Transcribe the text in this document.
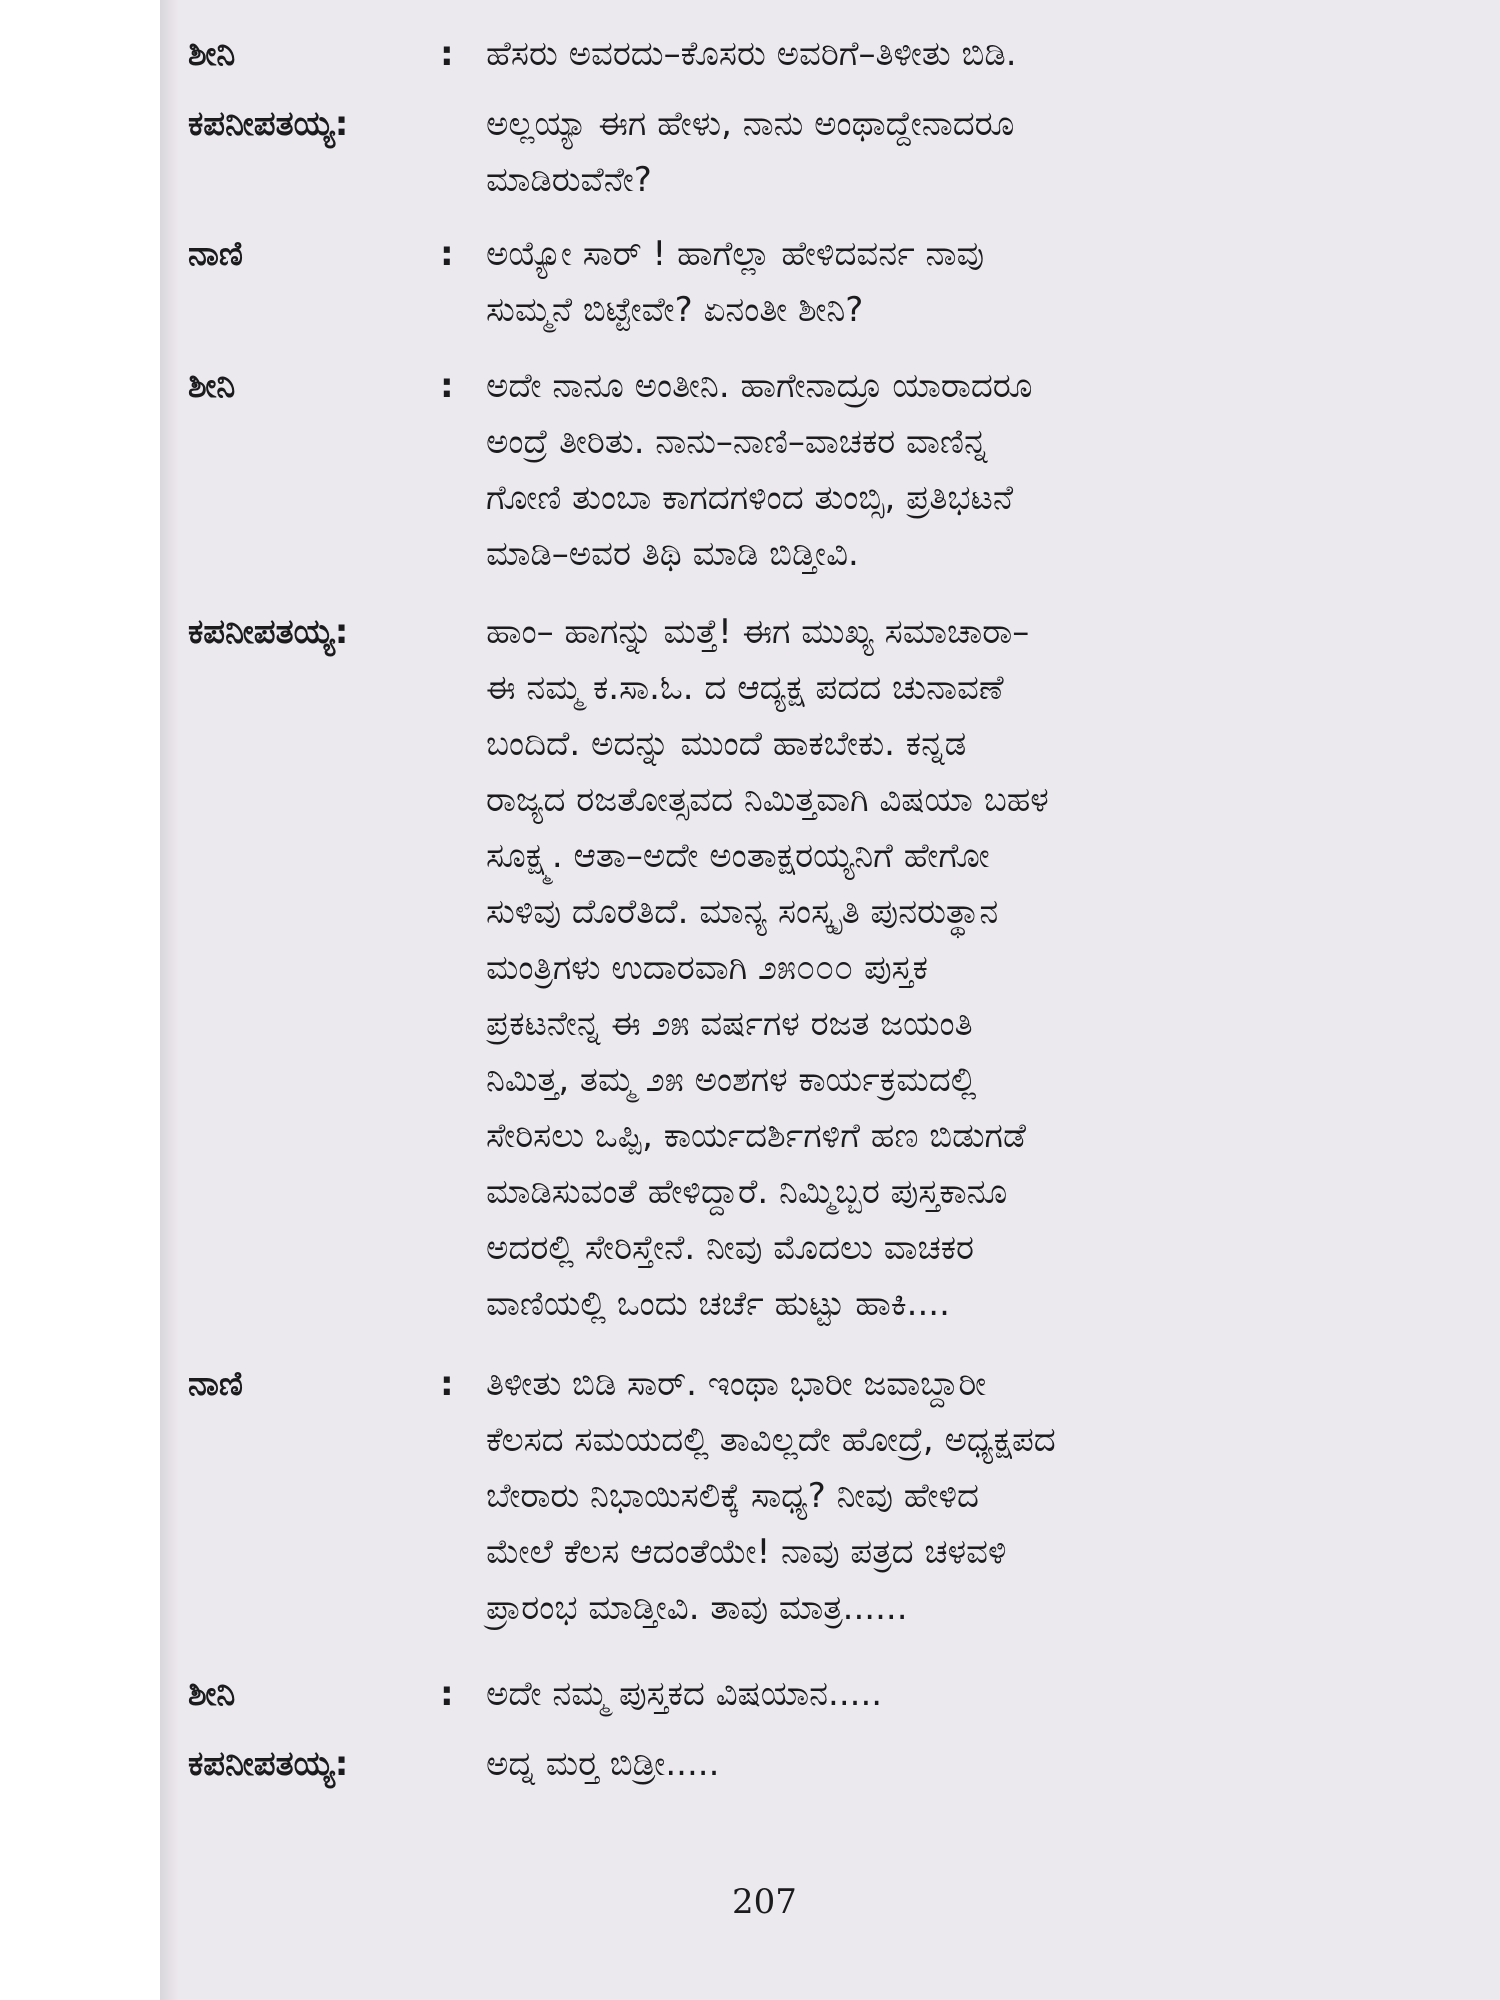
ಶೀನಿ	: ಹೆಸರು ಅವರದು–ಕೊಸರು ಅವರಿಗೆ–ತಿಳೀತು ಬಿಡಿ.
ಕಪನೀಪತಯ್ಯ:	ಅಲ್ಲಯ್ಯಾ ಈಗ ಹೇಳು, ನಾನು ಅಂಥಾದ್ದೇನಾದರೂ
ಮಾಡಿರುವೆನೇ?
ನಾಣಿ	: ಅಯ್ಯೋ ಸಾರ್ ! ಹಾಗೆಲ್ಲಾ ಹೇಳಿದವರ್ನ ನಾವು
ಸುಮ್ಮನೆ ಬಿಟ್ಟೇವೇ? ಏನಂತೀ ಶೀನಿ?
ಶೀನಿ	: ಅದೇ ನಾನೂ ಅಂತೀನಿ. ಹಾಗೇನಾದ್ರೂ ಯಾರಾದರೂ
ಅಂದ್ರೆ ತೀರಿತು. ನಾನು–ನಾಣಿ–ವಾಚಕರ ವಾಣಿನ್ನ
ಗೋಣಿ ತುಂಬಾ ಕಾಗದಗಳಿಂದ ತುಂಬ್ಸಿ, ಪ್ರತಿಭಟನೆ
ಮಾಡಿ–ಅವರ ತಿಥಿ ಮಾಡಿ ಬಿಡ್ತೀವಿ.
ಕಪನೀಪತಯ್ಯ:	ಹಾಂ– ಹಾಗನ್ನು ಮತ್ತೆ! ಈಗ ಮುಖ್ಯ ಸಮಾಚಾರಾ–
ಈ ನಮ್ಮ ಕ.ಸಾ.ಓ. ದ ಆದ್ಯಕ್ಷ ಪದದ ಚುನಾವಣೆ
ಬಂದಿದೆ. ಅದನ್ನು ಮುಂದೆ ಹಾಕಬೇಕು. ಕನ್ನಡ
ರಾಜ್ಯದ ರಜತೋತ್ಸವದ ನಿಮಿತ್ತವಾಗಿ ವಿಷಯಾ ಬಹಳ
ಸೂಕ್ಷ್ಮ. ಆತಾ–ಅದೇ ಅಂತಾಕ್ಷರಯ್ಯನಿಗೆ ಹೇಗೋ
ಸುಳಿವು ದೊರೆತಿದೆ. ಮಾನ್ಯ ಸಂಸ್ಕೃತಿ ಪುನರುತ್ಥಾನ
ಮಂತ್ರಿಗಳು ಉದಾರವಾಗಿ ೨೫೦೦೦ ಪುಸ್ತಕ
ಪ್ರಕಟನೇನ್ನ ಈ ೨೫ ವರ್ಷಗಳ ರಜತ ಜಯಂತಿ
ನಿಮಿತ್ತ, ತಮ್ಮ ೨೫ ಅಂಶಗಳ ಕಾರ್ಯಕ್ರಮದಲ್ಲಿ
ಸೇರಿಸಲು ಒಪ್ಪಿ, ಕಾರ್ಯದರ್ಶಿಗಳಿಗೆ ಹಣ ಬಿಡುಗಡೆ
ಮಾಡಿಸುವಂತೆ ಹೇಳಿದ್ದಾರೆ. ನಿಮ್ಮಿಬ್ಬರ ಪುಸ್ತಕಾನೂ
ಅದರಲ್ಲಿ ಸೇರಿಸ್ತೇನೆ. ನೀವು ಮೊದಲು ವಾಚಕರ
ವಾಣಿಯಲ್ಲಿ ಒಂದು ಚರ್ಚೆ ಹುಟ್ಟು ಹಾಕಿ....
ನಾಣಿ	: ತಿಳೀತು ಬಿಡಿ ಸಾರ್. ಇಂಥಾ ಭಾರೀ ಜವಾಬ್ದಾರೀ
ಕೆಲಸದ ಸಮಯದಲ್ಲಿ ತಾವಿಲ್ಲದೇ ಹೋದ್ರೆ, ಅಧ್ಯಕ್ಷಪದ
ಬೇರಾರು ನಿಭಾಯಿಸಲಿಕ್ಕೆ ಸಾಧ್ಯ? ನೀವು ಹೇಳಿದ
ಮೇಲೆ ಕೆಲಸ ಆದಂತೆಯೇ! ನಾವು ಪತ್ರದ ಚಳವಳಿ
ಪ್ರಾರಂಭ ಮಾಡ್ತೀವಿ. ತಾವು ಮಾತ್ರ......
ಶೀನಿ	: ಅದೇ ನಮ್ಮ ಪುಸ್ತಕದ ವಿಷಯಾನ.....
ಕಪನೀಪತಯ್ಯ:	ಅದ್ನ ಮರ್‍ತ ಬಿಡ್ರೀ.....
207
